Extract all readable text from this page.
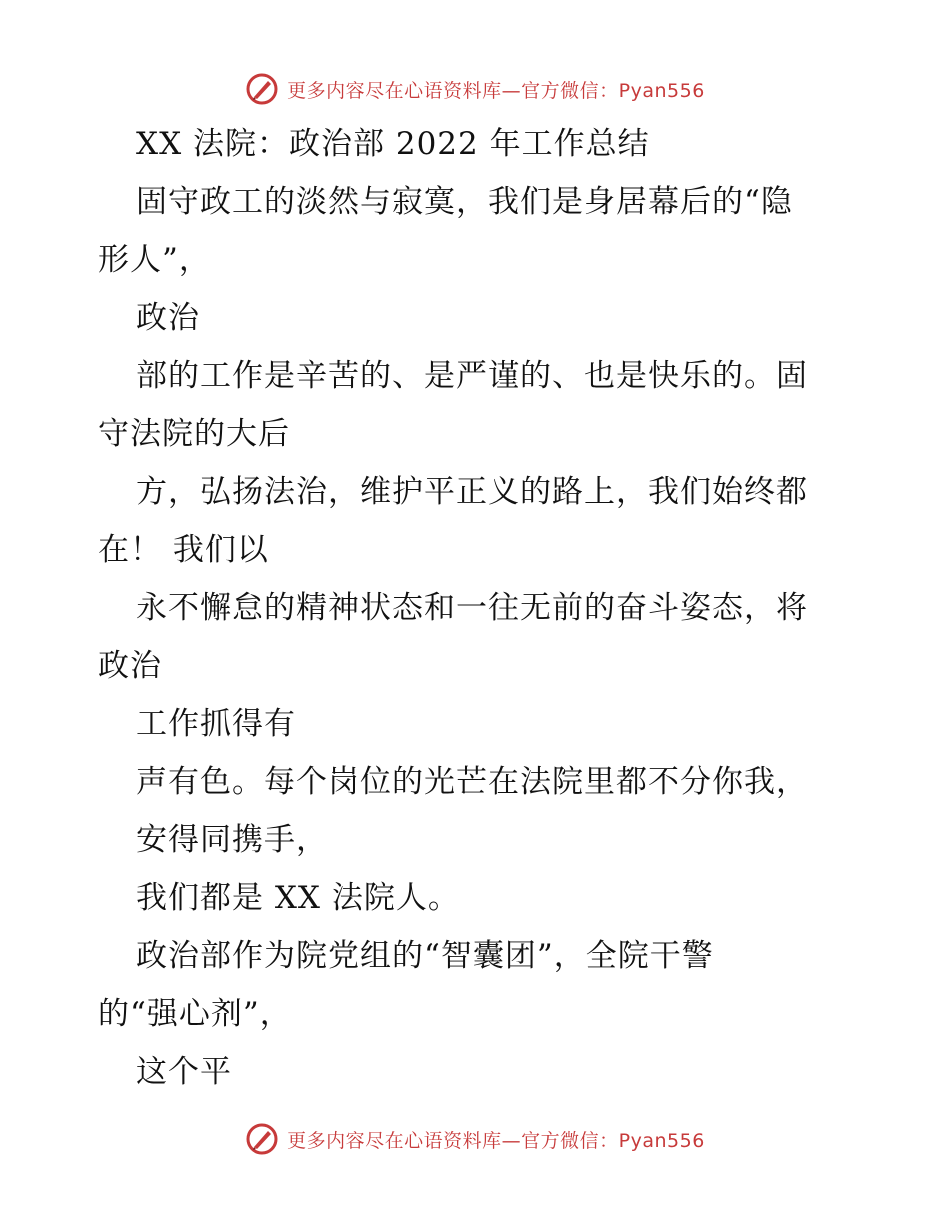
更多内容尽在心语资料库—官方微信：Pyan556
XX 法院：政治部 2022 年工作总结
固守政工的淡然与寂寞，我们是身居幕后的“隐
形人”，
政治
部的工作是辛苦的、是严谨的、也是快乐的。固
守法院的大后
方，弘扬法治，维护平正义的路上，我们始终都
在！ 我们以
永不懈怠的精神状态和一往无前的奋斗姿态，将
政治
工作抓得有
声有色。每个岗位的光芒在法院里都不分你我，
安得同携手，
我们都是 XX 法院人。
政治部作为院党组的“智囊团”，全院干警
的“强心剂”，
这个平
更多内容尽在心语资料库—官方微信：Pyan556
